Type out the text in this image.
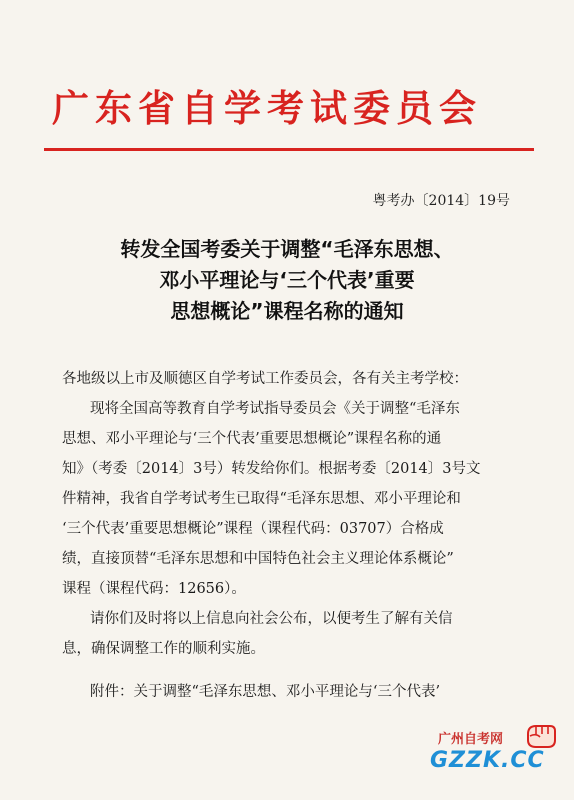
广东省自学考试委员会
粤考办〔2014〕19号
转发全国考委关于调整“毛泽东思想、
邓小平理论与‘三个代表’重要
思想概论”课程名称的通知
各地级以上市及顺德区自学考试工作委员会，各有关主考学校：
现将全国高等教育自学考试指导委员会《关于调整“毛泽东
思想、邓小平理论与‘三个代表’重要思想概论”课程名称的通
知》（考委〔2014〕3号）转发给你们。根据考委〔2014〕3号文
件精神，我省自学考试考生已取得“毛泽东思想、邓小平理论和
‘三个代表’重要思想概论”课程（课程代码：03707）合格成
绩，直接顶替“毛泽东思想和中国特色社会主义理论体系概论”
课程（课程代码：12656）。
请你们及时将以上信息向社会公布，以便考生了解有关信
息，确保调整工作的顺利实施。
附件：关于调整“毛泽东思想、邓小平理论与‘三个代表’
广州自考网
GZZK.CC
